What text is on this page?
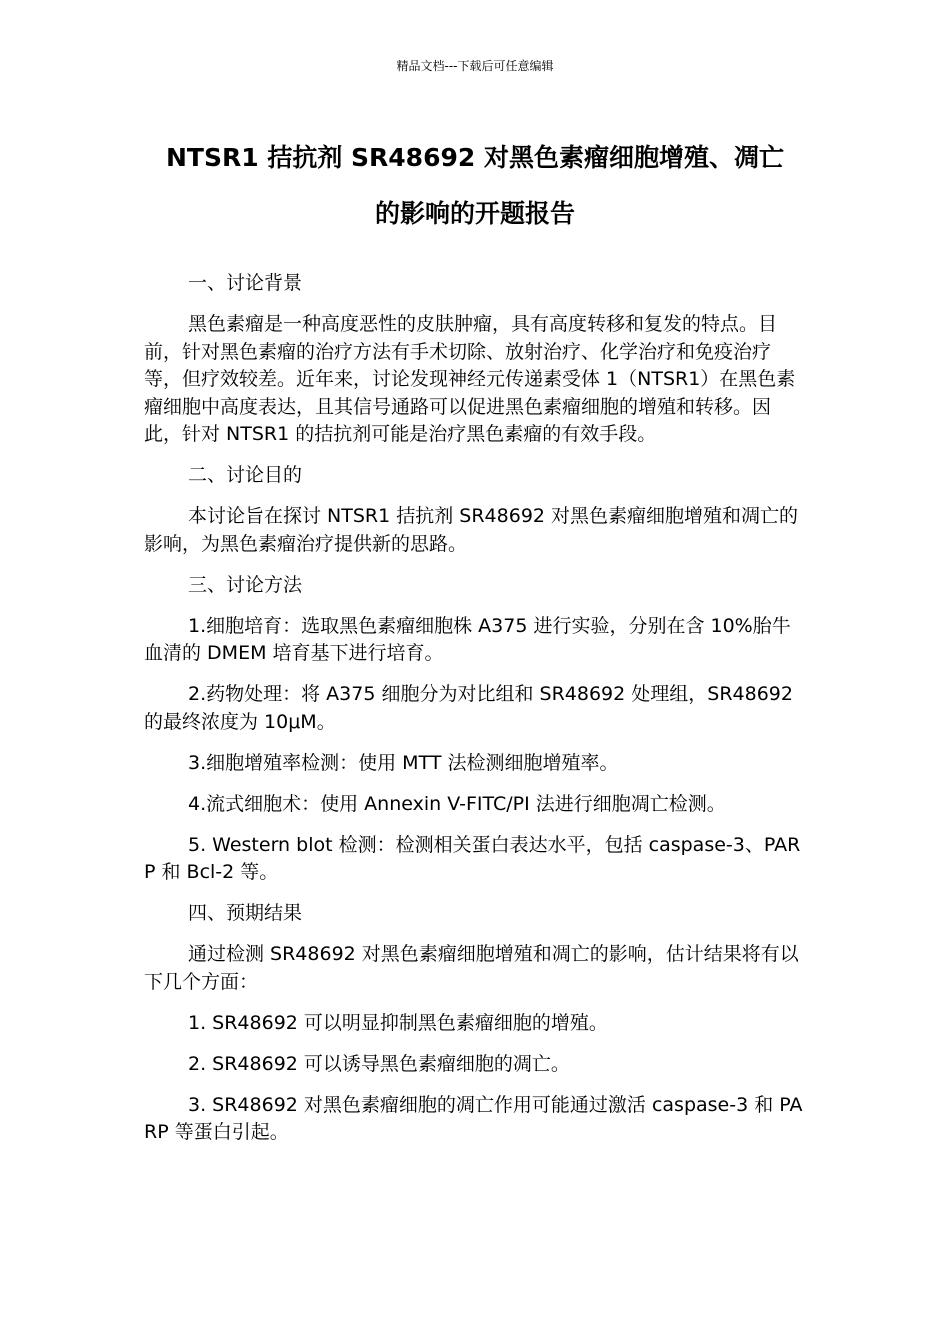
精品文档---下载后可任意编辑
NTSR1 拮抗剂 SR48692 对黑色素瘤细胞增殖、凋亡
的影响的开题报告

一、讨论背景

黑色素瘤是一种高度恶性的皮肤肿瘤，具有高度转移和复发的特点。目前，针对黑色素瘤的治疗方法有手术切除、放射治疗、化学治疗和免疫治疗等，但疗效较差。近年来，讨论发现神经元传递素受体 1（NTSR1）在黑色素瘤细胞中高度表达，且其信号通路可以促进黑色素瘤细胞的增殖和转移。因此，针对 NTSR1 的拮抗剂可能是治疗黑色素瘤的有效手段。

二、讨论目的

本讨论旨在探讨 NTSR1 拮抗剂 SR48692 对黑色素瘤细胞增殖和凋亡的影响，为黑色素瘤治疗提供新的思路。

三、讨论方法

1.细胞培育：选取黑色素瘤细胞株 A375 进行实验，分别在含 10%胎牛血清的 DMEM 培育基下进行培育。

2.药物处理：将 A375 细胞分为对比组和 SR48692 处理组，SR48692 的最终浓度为 10μM。

3.细胞增殖率检测：使用 MTT 法检测细胞增殖率。

4.流式细胞术：使用 Annexin V-FITC/PI 法进行细胞凋亡检测。

5. Western blot 检测：检测相关蛋白表达水平，包括 caspase-3、PARP 和 Bcl-2 等。

四、预期结果

通过检测 SR48692 对黑色素瘤细胞增殖和凋亡的影响，估计结果将有以下几个方面：

1. SR48692 可以明显抑制黑色素瘤细胞的增殖。

2. SR48692 可以诱导黑色素瘤细胞的凋亡。

3. SR48692 对黑色素瘤细胞的凋亡作用可能通过激活 caspase-3 和 PARP 等蛋白引起。
